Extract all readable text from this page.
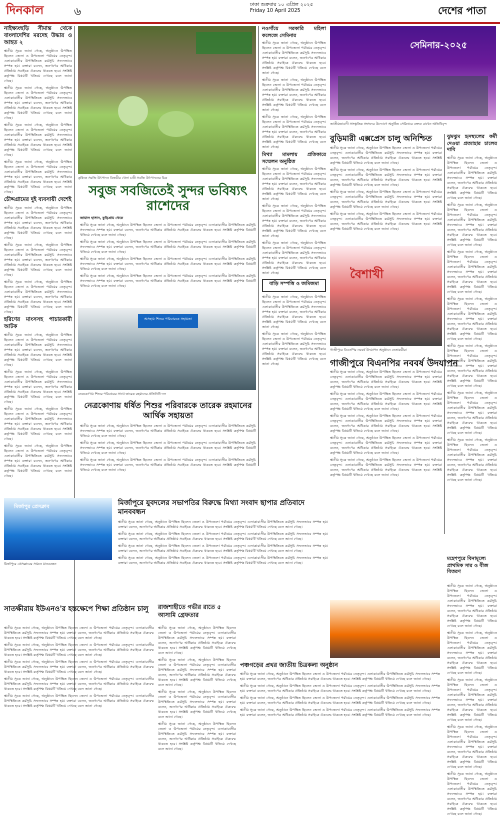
দিনকাল	৬	ঢাকা শুক্রবার ১০ এপ্রিল ২০২৫
Friday 10 April 2025	দেশের পাতা

নাইক্ষ্যংছড়ি সীমান্ত থেকে বাংলাদেশির মরদেহ উদ্ধার ও আহত ২

স্থানীয় সূত্রে জানা গেছে, অনুষ্ঠানে উপস্থিত ছিলেন জেলা ও উপজেলা পর্যায়ের নেতৃবৃন্দ। এলাকাবাসীর উপস্থিতিতে কর্মসূচি সফলভাবে সম্পন্ন হয়। বক্তারা বলেন, জনগণের অধিকার প্রতিষ্ঠায় সবাইকে ঐক্যবদ্ধ থাকতে হবে। সংশ্লিষ্ট কর্তৃপক্ষ বিষয়টি খতিয়ে দেখছে বলে জানা গেছে।

স্থানীয় সূত্রে জানা গেছে, অনুষ্ঠানে উপস্থিত ছিলেন জেলা ও উপজেলা পর্যায়ের নেতৃবৃন্দ। এলাকাবাসীর উপস্থিতিতে কর্মসূচি সফলভাবে সম্পন্ন হয়। বক্তারা বলেন, জনগণের অধিকার প্রতিষ্ঠায় সবাইকে ঐক্যবদ্ধ থাকতে হবে। সংশ্লিষ্ট কর্তৃপক্ষ বিষয়টি খতিয়ে দেখছে বলে জানা গেছে।

স্থানীয় সূত্রে জানা গেছে, অনুষ্ঠানে উপস্থিত ছিলেন জেলা ও উপজেলা পর্যায়ের নেতৃবৃন্দ। এলাকাবাসীর উপস্থিতিতে কর্মসূচি সফলভাবে সম্পন্ন হয়। বক্তারা বলেন, জনগণের অধিকার প্রতিষ্ঠায় সবাইকে ঐক্যবদ্ধ থাকতে হবে। সংশ্লিষ্ট কর্তৃপক্ষ বিষয়টি খতিয়ে দেখছে বলে জানা গেছে।

স্থানীয় সূত্রে জানা গেছে, অনুষ্ঠানে উপস্থিত ছিলেন জেলা ও উপজেলা পর্যায়ের নেতৃবৃন্দ। এলাকাবাসীর উপস্থিতিতে কর্মসূচি সফলভাবে সম্পন্ন হয়। বক্তারা বলেন, জনগণের অধিকার প্রতিষ্ঠায় সবাইকে ঐক্যবদ্ধ থাকতে হবে। সংশ্লিষ্ট কর্তৃপক্ষ বিষয়টি খতিয়ে দেখছে বলে জানা গেছে।

চৌদ্দগ্রামের দুই ব্যবসায়ী দেশেই

স্থানীয় সূত্রে জানা গেছে, অনুষ্ঠানে উপস্থিত ছিলেন জেলা ও উপজেলা পর্যায়ের নেতৃবৃন্দ। এলাকাবাসীর উপস্থিতিতে কর্মসূচি সফলভাবে সম্পন্ন হয়। বক্তারা বলেন, জনগণের অধিকার প্রতিষ্ঠায় সবাইকে ঐক্যবদ্ধ থাকতে হবে। সংশ্লিষ্ট কর্তৃপক্ষ বিষয়টি খতিয়ে দেখছে বলে জানা গেছে।

স্থানীয় সূত্রে জানা গেছে, অনুষ্ঠানে উপস্থিত ছিলেন জেলা ও উপজেলা পর্যায়ের নেতৃবৃন্দ। এলাকাবাসীর উপস্থিতিতে কর্মসূচি সফলভাবে সম্পন্ন হয়। বক্তারা বলেন, জনগণের অধিকার প্রতিষ্ঠায় সবাইকে ঐক্যবদ্ধ থাকতে হবে। সংশ্লিষ্ট কর্তৃপক্ষ বিষয়টি খতিয়ে দেখছে বলে জানা গেছে।

স্থানীয় সূত্রে জানা গেছে, অনুষ্ঠানে উপস্থিত ছিলেন জেলা ও উপজেলা পর্যায়ের নেতৃবৃন্দ। এলাকাবাসীর উপস্থিতিতে কর্মসূচি সফলভাবে সম্পন্ন হয়। বক্তারা বলেন, জনগণের অধিকার প্রতিষ্ঠায় সবাইকে ঐক্যবদ্ধ থাকতে হবে। সংশ্লিষ্ট কর্তৃপক্ষ বিষয়টি খতিয়ে দেখছে বলে জানা গেছে।

হরিণের মাংসসহ পাচারকারী আটক

স্থানীয় সূত্রে জানা গেছে, অনুষ্ঠানে উপস্থিত ছিলেন জেলা ও উপজেলা পর্যায়ের নেতৃবৃন্দ। এলাকাবাসীর উপস্থিতিতে কর্মসূচি সফলভাবে সম্পন্ন হয়। বক্তারা বলেন, জনগণের অধিকার প্রতিষ্ঠায় সবাইকে ঐক্যবদ্ধ থাকতে হবে। সংশ্লিষ্ট কর্তৃপক্ষ বিষয়টি খতিয়ে দেখছে বলে জানা গেছে।

স্থানীয় সূত্রে জানা গেছে, অনুষ্ঠানে উপস্থিত ছিলেন জেলা ও উপজেলা পর্যায়ের নেতৃবৃন্দ। এলাকাবাসীর উপস্থিতিতে কর্মসূচি সফলভাবে সম্পন্ন হয়। বক্তারা বলেন, জনগণের অধিকার প্রতিষ্ঠায় সবাইকে ঐক্যবদ্ধ থাকতে হবে। সংশ্লিষ্ট কর্তৃপক্ষ বিষয়টি খতিয়ে দেখছে বলে জানা গেছে।

স্থানীয় সূত্রে জানা গেছে, অনুষ্ঠানে উপস্থিত ছিলেন জেলা ও উপজেলা পর্যায়ের নেতৃবৃন্দ। এলাকাবাসীর উপস্থিতিতে কর্মসূচি সফলভাবে সম্পন্ন হয়। বক্তারা বলেন, জনগণের অধিকার প্রতিষ্ঠায় সবাইকে ঐক্যবদ্ধ থাকতে হবে। সংশ্লিষ্ট কর্তৃপক্ষ বিষয়টি খতিয়ে দেখছে বলে জানা গেছে।

স্থানীয় সূত্রে জানা গেছে, অনুষ্ঠানে উপস্থিত ছিলেন জেলা ও উপজেলা পর্যায়ের নেতৃবৃন্দ। এলাকাবাসীর উপস্থিতিতে কর্মসূচি সফলভাবে সম্পন্ন হয়। বক্তারা বলেন, জনগণের অধিকার প্রতিষ্ঠায় সবাইকে ঐক্যবদ্ধ থাকতে হবে। সংশ্লিষ্ট কর্তৃপক্ষ বিষয়টি খতিয়ে দেখছে বলে জানা গেছে।

কৃষিতে সবজি উৎপাদন বিজয়ীর খেলা চাষী সবজি উৎপাদনের চিত্র
সবুজ সবজিতেই সুন্দর ভবিষ্যৎ রাশেদের

জামাল হাসান, কুড়িগ্রাম থেকে

স্থানীয় সূত্রে জানা গেছে, অনুষ্ঠানে উপস্থিত ছিলেন জেলা ও উপজেলা পর্যায়ের নেতৃবৃন্দ। এলাকাবাসীর উপস্থিতিতে কর্মসূচি সফলভাবে সম্পন্ন হয়। বক্তারা বলেন, জনগণের অধিকার প্রতিষ্ঠায় সবাইকে ঐক্যবদ্ধ থাকতে হবে। সংশ্লিষ্ট কর্তৃপক্ষ বিষয়টি খতিয়ে দেখছে বলে জানা গেছে।

স্থানীয় সূত্রে জানা গেছে, অনুষ্ঠানে উপস্থিত ছিলেন জেলা ও উপজেলা পর্যায়ের নেতৃবৃন্দ। এলাকাবাসীর উপস্থিতিতে কর্মসূচি সফলভাবে সম্পন্ন হয়। বক্তারা বলেন, জনগণের অধিকার প্রতিষ্ঠায় সবাইকে ঐক্যবদ্ধ থাকতে হবে। সংশ্লিষ্ট কর্তৃপক্ষ বিষয়টি খতিয়ে দেখছে বলে জানা গেছে।

স্থানীয় সূত্রে জানা গেছে, অনুষ্ঠানে উপস্থিত ছিলেন জেলা ও উপজেলা পর্যায়ের নেতৃবৃন্দ। এলাকাবাসীর উপস্থিতিতে কর্মসূচি সফলভাবে সম্পন্ন হয়। বক্তারা বলেন, জনগণের অধিকার প্রতিষ্ঠায় সবাইকে ঐক্যবদ্ধ থাকতে হবে। সংশ্লিষ্ট কর্তৃপক্ষ বিষয়টি খতিয়ে দেখছে বলে জানা গেছে।

স্থানীয় সূত্রে জানা গেছে, অনুষ্ঠানে উপস্থিত ছিলেন জেলা ও উপজেলা পর্যায়ের নেতৃবৃন্দ। এলাকাবাসীর উপস্থিতিতে কর্মসূচি সফলভাবে সম্পন্ন হয়। বক্তারা বলেন, জনগণের অধিকার প্রতিষ্ঠায় সবাইকে ঐক্যবদ্ধ থাকতে হবে। সংশ্লিষ্ট কর্তৃপক্ষ বিষয়টি খতিয়ে দেখছে বলে জানা গেছে।

নওগাঁয়ে সরকারি মহিলা কলেজে সেমিনার

স্থানীয় সূত্রে জানা গেছে, অনুষ্ঠানে উপস্থিত ছিলেন জেলা ও উপজেলা পর্যায়ের নেতৃবৃন্দ। এলাকাবাসীর উপস্থিতিতে কর্মসূচি সফলভাবে সম্পন্ন হয়। বক্তারা বলেন, জনগণের অধিকার প্রতিষ্ঠায় সবাইকে ঐক্যবদ্ধ থাকতে হবে। সংশ্লিষ্ট কর্তৃপক্ষ বিষয়টি খতিয়ে দেখছে বলে জানা গেছে।

স্থানীয় সূত্রে জানা গেছে, অনুষ্ঠানে উপস্থিত ছিলেন জেলা ও উপজেলা পর্যায়ের নেতৃবৃন্দ। এলাকাবাসীর উপস্থিতিতে কর্মসূচি সফলভাবে সম্পন্ন হয়। বক্তারা বলেন, জনগণের অধিকার প্রতিষ্ঠায় সবাইকে ঐক্যবদ্ধ থাকতে হবে। সংশ্লিষ্ট কর্তৃপক্ষ বিষয়টি খতিয়ে দেখছে বলে জানা গেছে।

স্থানীয় সূত্রে জানা গেছে, অনুষ্ঠানে উপস্থিত ছিলেন জেলা ও উপজেলা পর্যায়ের নেতৃবৃন্দ। এলাকাবাসীর উপস্থিতিতে কর্মসূচি সফলভাবে সম্পন্ন হয়। বক্তারা বলেন, জনগণের অধিকার প্রতিষ্ঠায় সবাইকে ঐক্যবদ্ধ থাকতে হবে। সংশ্লিষ্ট কর্তৃপক্ষ বিষয়টি খতিয়ে দেখছে বলে জানা গেছে।

মিথ্যা মামলায় প্রতিকারে সম্মেলন অনুষ্ঠিত

স্থানীয় সূত্রে জানা গেছে, অনুষ্ঠানে উপস্থিত ছিলেন জেলা ও উপজেলা পর্যায়ের নেতৃবৃন্দ। এলাকাবাসীর উপস্থিতিতে কর্মসূচি সফলভাবে সম্পন্ন হয়। বক্তারা বলেন, জনগণের অধিকার প্রতিষ্ঠায় সবাইকে ঐক্যবদ্ধ থাকতে হবে। সংশ্লিষ্ট কর্তৃপক্ষ বিষয়টি খতিয়ে দেখছে বলে জানা গেছে।

স্থানীয় সূত্রে জানা গেছে, অনুষ্ঠানে উপস্থিত ছিলেন জেলা ও উপজেলা পর্যায়ের নেতৃবৃন্দ। এলাকাবাসীর উপস্থিতিতে কর্মসূচি সফলভাবে সম্পন্ন হয়। বক্তারা বলেন, জনগণের অধিকার প্রতিষ্ঠায় সবাইকে ঐক্যবদ্ধ থাকতে হবে। সংশ্লিষ্ট কর্তৃপক্ষ বিষয়টি খতিয়ে দেখছে বলে জানা গেছে।

স্থানীয় সূত্রে জানা গেছে, অনুষ্ঠানে উপস্থিত ছিলেন জেলা ও উপজেলা পর্যায়ের নেতৃবৃন্দ। এলাকাবাসীর উপস্থিতিতে কর্মসূচি সফলভাবে সম্পন্ন হয়। বক্তারা বলেন, জনগণের অধিকার প্রতিষ্ঠায় সবাইকে ঐক্যবদ্ধ থাকতে হবে। সংশ্লিষ্ট কর্তৃপক্ষ বিষয়টি খতিয়ে দেখছে বলে জানা গেছে।

বাড়ি সম্পত্তি ও জমিজমা

স্থানীয় সূত্রে জানা গেছে, অনুষ্ঠানে উপস্থিত ছিলেন জেলা ও উপজেলা পর্যায়ের নেতৃবৃন্দ। এলাকাবাসীর উপস্থিতিতে কর্মসূচি সফলভাবে সম্পন্ন হয়। বক্তারা বলেন, জনগণের অধিকার প্রতিষ্ঠায় সবাইকে ঐক্যবদ্ধ থাকতে হবে। সংশ্লিষ্ট কর্তৃপক্ষ বিষয়টি খতিয়ে দেখছে বলে জানা গেছে।

স্থানীয় সূত্রে জানা গেছে, অনুষ্ঠানে উপস্থিত ছিলেন জেলা ও উপজেলা পর্যায়ের নেতৃবৃন্দ। এলাকাবাসীর উপস্থিতিতে কর্মসূচি সফলভাবে সম্পন্ন হয়। বক্তারা বলেন, জনগণের অধিকার প্রতিষ্ঠায় সবাইকে ঐক্যবদ্ধ থাকতে হবে। সংশ্লিষ্ট কর্তৃপক্ষ বিষয়টি খতিয়ে দেখছে বলে জানা গেছে।

সেমিনার-২০২৫
জাতীয়তাবাদী সাংস্কৃতিক সংসদের উদ্যোগে অনুষ্ঠিত সেমিনারে বক্তব্য রাখেন অতিথিবৃন্দ
বুড়িমারী এক্সপ্রেস চালু অনিশ্চিত

স্থানীয় সূত্রে জানা গেছে, অনুষ্ঠানে উপস্থিত ছিলেন জেলা ও উপজেলা পর্যায়ের নেতৃবৃন্দ। এলাকাবাসীর উপস্থিতিতে কর্মসূচি সফলভাবে সম্পন্ন হয়। বক্তারা বলেন, জনগণের অধিকার প্রতিষ্ঠায় সবাইকে ঐক্যবদ্ধ থাকতে হবে। সংশ্লিষ্ট কর্তৃপক্ষ বিষয়টি খতিয়ে দেখছে বলে জানা গেছে।

স্থানীয় সূত্রে জানা গেছে, অনুষ্ঠানে উপস্থিত ছিলেন জেলা ও উপজেলা পর্যায়ের নেতৃবৃন্দ। এলাকাবাসীর উপস্থিতিতে কর্মসূচি সফলভাবে সম্পন্ন হয়। বক্তারা বলেন, জনগণের অধিকার প্রতিষ্ঠায় সবাইকে ঐক্যবদ্ধ থাকতে হবে। সংশ্লিষ্ট কর্তৃপক্ষ বিষয়টি খতিয়ে দেখছে বলে জানা গেছে।

স্থানীয় সূত্রে জানা গেছে, অনুষ্ঠানে উপস্থিত ছিলেন জেলা ও উপজেলা পর্যায়ের নেতৃবৃন্দ। এলাকাবাসীর উপস্থিতিতে কর্মসূচি সফলভাবে সম্পন্ন হয়। বক্তারা বলেন, জনগণের অধিকার প্রতিষ্ঠায় সবাইকে ঐক্যবদ্ধ থাকতে হবে। সংশ্লিষ্ট কর্তৃপক্ষ বিষয়টি খতিয়ে দেখছে বলে জানা গেছে।

স্থানীয় সূত্রে জানা গেছে, অনুষ্ঠানে উপস্থিত ছিলেন জেলা ও উপজেলা পর্যায়ের নেতৃবৃন্দ। এলাকাবাসীর উপস্থিতিতে কর্মসূচি সফলভাবে সম্পন্ন হয়। বক্তারা বলেন, জনগণের অধিকার প্রতিষ্ঠায় সবাইকে ঐক্যবদ্ধ থাকতে হবে। সংশ্লিষ্ট কর্তৃপক্ষ বিষয়টি খতিয়ে দেখছে বলে জানা গেছে।

ঝুমঝুম হৃদস্থ্যলের কর্মী দেওয়া প্রত্যাহার চালের দাবি

স্থানীয় সূত্রে জানা গেছে, অনুষ্ঠানে উপস্থিত ছিলেন জেলা ও উপজেলা পর্যায়ের নেতৃবৃন্দ। এলাকাবাসীর উপস্থিতিতে কর্মসূচি সফলভাবে সম্পন্ন হয়। বক্তারা বলেন, জনগণের অধিকার প্রতিষ্ঠায় সবাইকে ঐক্যবদ্ধ থাকতে হবে। সংশ্লিষ্ট কর্তৃপক্ষ বিষয়টি খতিয়ে দেখছে বলে জানা গেছে।

স্থানীয় সূত্রে জানা গেছে, অনুষ্ঠানে উপস্থিত ছিলেন জেলা ও উপজেলা পর্যায়ের নেতৃবৃন্দ। এলাকাবাসীর উপস্থিতিতে কর্মসূচি সফলভাবে সম্পন্ন হয়। বক্তারা বলেন, জনগণের অধিকার প্রতিষ্ঠায় সবাইকে ঐক্যবদ্ধ থাকতে হবে। সংশ্লিষ্ট কর্তৃপক্ষ বিষয়টি খতিয়ে দেখছে বলে জানা গেছে।

স্থানীয় সূত্রে জানা গেছে, অনুষ্ঠানে উপস্থিত ছিলেন জেলা ও উপজেলা পর্যায়ের নেতৃবৃন্দ। এলাকাবাসীর উপস্থিতিতে কর্মসূচি সফলভাবে সম্পন্ন হয়। বক্তারা বলেন, জনগণের অধিকার প্রতিষ্ঠায় সবাইকে ঐক্যবদ্ধ থাকতে হবে। সংশ্লিষ্ট কর্তৃপক্ষ বিষয়টি খতিয়ে দেখছে বলে জানা গেছে।

স্থানীয় সূত্রে জানা গেছে, অনুষ্ঠানে উপস্থিত ছিলেন জেলা ও উপজেলা পর্যায়ের নেতৃবৃন্দ। এলাকাবাসীর উপস্থিতিতে কর্মসূচি সফলভাবে সম্পন্ন হয়। বক্তারা বলেন, জনগণের অধিকার প্রতিষ্ঠায় সবাইকে ঐক্যবদ্ধ থাকতে হবে। সংশ্লিষ্ট কর্তৃপক্ষ বিষয়টি খতিয়ে দেখছে বলে জানা গেছে।

স্থানীয় সূত্রে জানা গেছে, অনুষ্ঠানে উপস্থিত ছিলেন জেলা ও উপজেলা পর্যায়ের নেতৃবৃন্দ। এলাকাবাসীর উপস্থিতিতে কর্মসূচি সফলভাবে সম্পন্ন হয়। বক্তারা বলেন, জনগণের অধিকার প্রতিষ্ঠায় সবাইকে ঐক্যবদ্ধ থাকতে হবে। সংশ্লিষ্ট কর্তৃপক্ষ বিষয়টি খতিয়ে দেখছে বলে জানা গেছে।

স্থানীয় সূত্রে জানা গেছে, অনুষ্ঠানে উপস্থিত ছিলেন জেলা ও উপজেলা পর্যায়ের নেতৃবৃন্দ। এলাকাবাসীর উপস্থিতিতে কর্মসূচি সফলভাবে সম্পন্ন হয়। বক্তারা বলেন, জনগণের অধিকার প্রতিষ্ঠায় সবাইকে ঐক্যবদ্ধ থাকতে হবে। সংশ্লিষ্ট কর্তৃপক্ষ বিষয়টি খতিয়ে দেখছে বলে জানা গেছে।

স্থানীয় সূত্রে জানা গেছে, অনুষ্ঠানে উপস্থিত ছিলেন জেলা ও উপজেলা পর্যায়ের নেতৃবৃন্দ। এলাকাবাসীর উপস্থিতিতে কর্মসূচি সফলভাবে সম্পন্ন হয়। বক্তারা বলেন, জনগণের অধিকার প্রতিষ্ঠায় সবাইকে ঐক্যবদ্ধ থাকতে হবে। সংশ্লিষ্ট কর্তৃপক্ষ বিষয়টি খতিয়ে দেখছে বলে জানা গেছে।

অসহায় শিশুর পরিবারকে সহায়তা
নেত্রকোণায় শিশুর পরিবারের সাথে তারেক রহমানের প্রতিনিধি দল
নেত্রকোণায় ধর্ষিত শিশুর পরিবারকে তারেক রহমানের আর্থিক সহায়তা

স্থানীয় সূত্রে জানা গেছে, অনুষ্ঠানে উপস্থিত ছিলেন জেলা ও উপজেলা পর্যায়ের নেতৃবৃন্দ। এলাকাবাসীর উপস্থিতিতে কর্মসূচি সফলভাবে সম্পন্ন হয়। বক্তারা বলেন, জনগণের অধিকার প্রতিষ্ঠায় সবাইকে ঐক্যবদ্ধ থাকতে হবে। সংশ্লিষ্ট কর্তৃপক্ষ বিষয়টি খতিয়ে দেখছে বলে জানা গেছে।

স্থানীয় সূত্রে জানা গেছে, অনুষ্ঠানে উপস্থিত ছিলেন জেলা ও উপজেলা পর্যায়ের নেতৃবৃন্দ। এলাকাবাসীর উপস্থিতিতে কর্মসূচি সফলভাবে সম্পন্ন হয়। বক্তারা বলেন, জনগণের অধিকার প্রতিষ্ঠায় সবাইকে ঐক্যবদ্ধ থাকতে হবে। সংশ্লিষ্ট কর্তৃপক্ষ বিষয়টি খতিয়ে দেখছে বলে জানা গেছে।

স্থানীয় সূত্রে জানা গেছে, অনুষ্ঠানে উপস্থিত ছিলেন জেলা ও উপজেলা পর্যায়ের নেতৃবৃন্দ। এলাকাবাসীর উপস্থিতিতে কর্মসূচি সফলভাবে সম্পন্ন হয়। বক্তারা বলেন, জনগণের অধিকার প্রতিষ্ঠায় সবাইকে ঐক্যবদ্ধ থাকতে হবে। সংশ্লিষ্ট কর্তৃপক্ষ বিষয়টি খতিয়ে দেখছে বলে জানা গেছে।

বৈশাখী
গাজীপুরে বিএনপির নববর্ষ উদযাপন অনুষ্ঠানে নেতাকর্মীরা
গাজীপুরে বিএনপির নববর্ষ উদযাপন

স্থানীয় সূত্রে জানা গেছে, অনুষ্ঠানে উপস্থিত ছিলেন জেলা ও উপজেলা পর্যায়ের নেতৃবৃন্দ। এলাকাবাসীর উপস্থিতিতে কর্মসূচি সফলভাবে সম্পন্ন হয়। বক্তারা বলেন, জনগণের অধিকার প্রতিষ্ঠায় সবাইকে ঐক্যবদ্ধ থাকতে হবে। সংশ্লিষ্ট কর্তৃপক্ষ বিষয়টি খতিয়ে দেখছে বলে জানা গেছে।

স্থানীয় সূত্রে জানা গেছে, অনুষ্ঠানে উপস্থিত ছিলেন জেলা ও উপজেলা পর্যায়ের নেতৃবৃন্দ। এলাকাবাসীর উপস্থিতিতে কর্মসূচি সফলভাবে সম্পন্ন হয়। বক্তারা বলেন, জনগণের অধিকার প্রতিষ্ঠায় সবাইকে ঐক্যবদ্ধ থাকতে হবে। সংশ্লিষ্ট কর্তৃপক্ষ বিষয়টি খতিয়ে দেখছে বলে জানা গেছে।

স্থানীয় সূত্রে জানা গেছে, অনুষ্ঠানে উপস্থিত ছিলেন জেলা ও উপজেলা পর্যায়ের নেতৃবৃন্দ। এলাকাবাসীর উপস্থিতিতে কর্মসূচি সফলভাবে সম্পন্ন হয়। বক্তারা বলেন, জনগণের অধিকার প্রতিষ্ঠায় সবাইকে ঐক্যবদ্ধ থাকতে হবে। সংশ্লিষ্ট কর্তৃপক্ষ বিষয়টি খতিয়ে দেখছে বলে জানা গেছে।

স্থানীয় সূত্রে জানা গেছে, অনুষ্ঠানে উপস্থিত ছিলেন জেলা ও উপজেলা পর্যায়ের নেতৃবৃন্দ। এলাকাবাসীর উপস্থিতিতে কর্মসূচি সফলভাবে সম্পন্ন হয়। বক্তারা বলেন, জনগণের অধিকার প্রতিষ্ঠায় সবাইকে ঐক্যবদ্ধ থাকতে হবে। সংশ্লিষ্ট কর্তৃপক্ষ বিষয়টি খতিয়ে দেখছে বলে জানা গেছে।

স্থানীয় সূত্রে জানা গেছে, অনুষ্ঠানে উপস্থিত ছিলেন জেলা ও উপজেলা পর্যায়ের নেতৃবৃন্দ। এলাকাবাসীর উপস্থিতিতে কর্মসূচি সফলভাবে সম্পন্ন হয়। বক্তারা বলেন, জনগণের অধিকার প্রতিষ্ঠায় সবাইকে ঐক্যবদ্ধ থাকতে হবে। সংশ্লিষ্ট কর্তৃপক্ষ বিষয়টি খতিয়ে দেখছে বলে জানা গেছে।

মির্জাপুর প্রেসক্লাব
মির্জাপুরে প্রেসক্লাবের সামনে মানববন্ধন
মির্জাপুরে যুবদলের সভাপতির বিরুদ্ধে মিথ্যা সংবাদ ছাপার প্রতিবাদে মানববন্ধন

স্থানীয় সূত্রে জানা গেছে, অনুষ্ঠানে উপস্থিত ছিলেন জেলা ও উপজেলা পর্যায়ের নেতৃবৃন্দ। এলাকাবাসীর উপস্থিতিতে কর্মসূচি সফলভাবে সম্পন্ন হয়। বক্তারা বলেন, জনগণের অধিকার প্রতিষ্ঠায় সবাইকে ঐক্যবদ্ধ থাকতে হবে। সংশ্লিষ্ট কর্তৃপক্ষ বিষয়টি খতিয়ে দেখছে বলে জানা গেছে।

স্থানীয় সূত্রে জানা গেছে, অনুষ্ঠানে উপস্থিত ছিলেন জেলা ও উপজেলা পর্যায়ের নেতৃবৃন্দ। এলাকাবাসীর উপস্থিতিতে কর্মসূচি সফলভাবে সম্পন্ন হয়। বক্তারা বলেন, জনগণের অধিকার প্রতিষ্ঠায় সবাইকে ঐক্যবদ্ধ থাকতে হবে। সংশ্লিষ্ট কর্তৃপক্ষ বিষয়টি খতিয়ে দেখছে বলে জানা গেছে।

স্থানীয় সূত্রে জানা গেছে, অনুষ্ঠানে উপস্থিত ছিলেন জেলা ও উপজেলা পর্যায়ের নেতৃবৃন্দ। এলাকাবাসীর উপস্থিতিতে কর্মসূচি সফলভাবে সম্পন্ন হয়। বক্তারা বলেন, জনগণের অধিকার প্রতিষ্ঠায় সবাইকে ঐক্যবদ্ধ থাকতে হবে। সংশ্লিষ্ট কর্তৃপক্ষ বিষয়টি খতিয়ে দেখছে বলে জানা গেছে।

স্থানীয় সূত্রে জানা গেছে, অনুষ্ঠানে উপস্থিত ছিলেন জেলা ও উপজেলা পর্যায়ের নেতৃবৃন্দ। এলাকাবাসীর উপস্থিতিতে কর্মসূচি সফলভাবে সম্পন্ন হয়। বক্তারা বলেন, জনগণের অধিকার প্রতিষ্ঠায় সবাইকে ঐক্যবদ্ধ থাকতে হবে। সংশ্লিষ্ট কর্তৃপক্ষ বিষয়টি খতিয়ে দেখছে বলে জানা গেছে।

সাতক্ষীরায় ইউএনও'র হস্তক্ষেপে শিক্ষা প্রতিষ্ঠান চালু

স্থানীয় সূত্রে জানা গেছে, অনুষ্ঠানে উপস্থিত ছিলেন জেলা ও উপজেলা পর্যায়ের নেতৃবৃন্দ। এলাকাবাসীর উপস্থিতিতে কর্মসূচি সফলভাবে সম্পন্ন হয়। বক্তারা বলেন, জনগণের অধিকার প্রতিষ্ঠায় সবাইকে ঐক্যবদ্ধ থাকতে হবে। সংশ্লিষ্ট কর্তৃপক্ষ বিষয়টি খতিয়ে দেখছে বলে জানা গেছে।

স্থানীয় সূত্রে জানা গেছে, অনুষ্ঠানে উপস্থিত ছিলেন জেলা ও উপজেলা পর্যায়ের নেতৃবৃন্দ। এলাকাবাসীর উপস্থিতিতে কর্মসূচি সফলভাবে সম্পন্ন হয়। বক্তারা বলেন, জনগণের অধিকার প্রতিষ্ঠায় সবাইকে ঐক্যবদ্ধ থাকতে হবে। সংশ্লিষ্ট কর্তৃপক্ষ বিষয়টি খতিয়ে দেখছে বলে জানা গেছে।

স্থানীয় সূত্রে জানা গেছে, অনুষ্ঠানে উপস্থিত ছিলেন জেলা ও উপজেলা পর্যায়ের নেতৃবৃন্দ। এলাকাবাসীর উপস্থিতিতে কর্মসূচি সফলভাবে সম্পন্ন হয়। বক্তারা বলেন, জনগণের অধিকার প্রতিষ্ঠায় সবাইকে ঐক্যবদ্ধ থাকতে হবে। সংশ্লিষ্ট কর্তৃপক্ষ বিষয়টি খতিয়ে দেখছে বলে জানা গেছে।

স্থানীয় সূত্রে জানা গেছে, অনুষ্ঠানে উপস্থিত ছিলেন জেলা ও উপজেলা পর্যায়ের নেতৃবৃন্দ। এলাকাবাসীর উপস্থিতিতে কর্মসূচি সফলভাবে সম্পন্ন হয়। বক্তারা বলেন, জনগণের অধিকার প্রতিষ্ঠায় সবাইকে ঐক্যবদ্ধ থাকতে হবে। সংশ্লিষ্ট কর্তৃপক্ষ বিষয়টি খতিয়ে দেখছে বলে জানা গেছে।

স্থানীয় সূত্রে জানা গেছে, অনুষ্ঠানে উপস্থিত ছিলেন জেলা ও উপজেলা পর্যায়ের নেতৃবৃন্দ। এলাকাবাসীর উপস্থিতিতে কর্মসূচি সফলভাবে সম্পন্ন হয়। বক্তারা বলেন, জনগণের অধিকার প্রতিষ্ঠায় সবাইকে ঐক্যবদ্ধ থাকতে হবে। সংশ্লিষ্ট কর্তৃপক্ষ বিষয়টি খতিয়ে দেখছে বলে জানা গেছে।

রাজশাহীতে গভীর রাতে ৫ আসামি গ্রেফতার

স্থানীয় সূত্রে জানা গেছে, অনুষ্ঠানে উপস্থিত ছিলেন জেলা ও উপজেলা পর্যায়ের নেতৃবৃন্দ। এলাকাবাসীর উপস্থিতিতে কর্মসূচি সফলভাবে সম্পন্ন হয়। বক্তারা বলেন, জনগণের অধিকার প্রতিষ্ঠায় সবাইকে ঐক্যবদ্ধ থাকতে হবে। সংশ্লিষ্ট কর্তৃপক্ষ বিষয়টি খতিয়ে দেখছে বলে জানা গেছে।

স্থানীয় সূত্রে জানা গেছে, অনুষ্ঠানে উপস্থিত ছিলেন জেলা ও উপজেলা পর্যায়ের নেতৃবৃন্দ। এলাকাবাসীর উপস্থিতিতে কর্মসূচি সফলভাবে সম্পন্ন হয়। বক্তারা বলেন, জনগণের অধিকার প্রতিষ্ঠায় সবাইকে ঐক্যবদ্ধ থাকতে হবে। সংশ্লিষ্ট কর্তৃপক্ষ বিষয়টি খতিয়ে দেখছে বলে জানা গেছে।

স্থানীয় সূত্রে জানা গেছে, অনুষ্ঠানে উপস্থিত ছিলেন জেলা ও উপজেলা পর্যায়ের নেতৃবৃন্দ। এলাকাবাসীর উপস্থিতিতে কর্মসূচি সফলভাবে সম্পন্ন হয়। বক্তারা বলেন, জনগণের অধিকার প্রতিষ্ঠায় সবাইকে ঐক্যবদ্ধ থাকতে হবে। সংশ্লিষ্ট কর্তৃপক্ষ বিষয়টি খতিয়ে দেখছে বলে জানা গেছে।

স্থানীয় সূত্রে জানা গেছে, অনুষ্ঠানে উপস্থিত ছিলেন জেলা ও উপজেলা পর্যায়ের নেতৃবৃন্দ। এলাকাবাসীর উপস্থিতিতে কর্মসূচি সফলভাবে সম্পন্ন হয়। বক্তারা বলেন, জনগণের অধিকার প্রতিষ্ঠায় সবাইকে ঐক্যবদ্ধ থাকতে হবে। সংশ্লিষ্ট কর্তৃপক্ষ বিষয়টি খতিয়ে দেখছে বলে জানা গেছে।

পঞ্চগড়ের প্রখর জাতীয় চিত্রকলা অনুষ্ঠান

স্থানীয় সূত্রে জানা গেছে, অনুষ্ঠানে উপস্থিত ছিলেন জেলা ও উপজেলা পর্যায়ের নেতৃবৃন্দ। এলাকাবাসীর উপস্থিতিতে কর্মসূচি সফলভাবে সম্পন্ন হয়। বক্তারা বলেন, জনগণের অধিকার প্রতিষ্ঠায় সবাইকে ঐক্যবদ্ধ থাকতে হবে। সংশ্লিষ্ট কর্তৃপক্ষ বিষয়টি খতিয়ে দেখছে বলে জানা গেছে।

স্থানীয় সূত্রে জানা গেছে, অনুষ্ঠানে উপস্থিত ছিলেন জেলা ও উপজেলা পর্যায়ের নেতৃবৃন্দ। এলাকাবাসীর উপস্থিতিতে কর্মসূচি সফলভাবে সম্পন্ন হয়। বক্তারা বলেন, জনগণের অধিকার প্রতিষ্ঠায় সবাইকে ঐক্যবদ্ধ থাকতে হবে। সংশ্লিষ্ট কর্তৃপক্ষ বিষয়টি খতিয়ে দেখছে বলে জানা গেছে।

স্থানীয় সূত্রে জানা গেছে, অনুষ্ঠানে উপস্থিত ছিলেন জেলা ও উপজেলা পর্যায়ের নেতৃবৃন্দ। এলাকাবাসীর উপস্থিতিতে কর্মসূচি সফলভাবে সম্পন্ন হয়। বক্তারা বলেন, জনগণের অধিকার প্রতিষ্ঠায় সবাইকে ঐক্যবদ্ধ থাকতে হবে। সংশ্লিষ্ট কর্তৃপক্ষ বিষয়টি খতিয়ে দেখছে বলে জানা গেছে।

স্থানীয় সূত্রে জানা গেছে, অনুষ্ঠানে উপস্থিত ছিলেন জেলা ও উপজেলা পর্যায়ের নেতৃবৃন্দ। এলাকাবাসীর উপস্থিতিতে কর্মসূচি সফলভাবে সম্পন্ন হয়। বক্তারা বলেন, জনগণের অধিকার প্রতিষ্ঠায় সবাইকে ঐক্যবদ্ধ থাকতে হবে। সংশ্লিষ্ট কর্তৃপক্ষ বিষয়টি খতিয়ে দেখছে বলে জানা গেছে।

মহেশপুরে বিনামূল্যে প্রাথমিক সার ও বীজ বিতরণ

স্থানীয় সূত্রে জানা গেছে, অনুষ্ঠানে উপস্থিত ছিলেন জেলা ও উপজেলা পর্যায়ের নেতৃবৃন্দ। এলাকাবাসীর উপস্থিতিতে কর্মসূচি সফলভাবে সম্পন্ন হয়। বক্তারা বলেন, জনগণের অধিকার প্রতিষ্ঠায় সবাইকে ঐক্যবদ্ধ থাকতে হবে। সংশ্লিষ্ট কর্তৃপক্ষ বিষয়টি খতিয়ে দেখছে বলে জানা গেছে।

স্থানীয় সূত্রে জানা গেছে, অনুষ্ঠানে উপস্থিত ছিলেন জেলা ও উপজেলা পর্যায়ের নেতৃবৃন্দ। এলাকাবাসীর উপস্থিতিতে কর্মসূচি সফলভাবে সম্পন্ন হয়। বক্তারা বলেন, জনগণের অধিকার প্রতিষ্ঠায় সবাইকে ঐক্যবদ্ধ থাকতে হবে। সংশ্লিষ্ট কর্তৃপক্ষ বিষয়টি খতিয়ে দেখছে বলে জানা গেছে।

স্থানীয় সূত্রে জানা গেছে, অনুষ্ঠানে উপস্থিত ছিলেন জেলা ও উপজেলা পর্যায়ের নেতৃবৃন্দ। এলাকাবাসীর উপস্থিতিতে কর্মসূচি সফলভাবে সম্পন্ন হয়। বক্তারা বলেন, জনগণের অধিকার প্রতিষ্ঠায় সবাইকে ঐক্যবদ্ধ থাকতে হবে। সংশ্লিষ্ট কর্তৃপক্ষ বিষয়টি খতিয়ে দেখছে বলে জানা গেছে।

স্থানীয় সূত্রে জানা গেছে, অনুষ্ঠানে উপস্থিত ছিলেন জেলা ও উপজেলা পর্যায়ের নেতৃবৃন্দ। এলাকাবাসীর উপস্থিতিতে কর্মসূচি সফলভাবে সম্পন্ন হয়। বক্তারা বলেন, জনগণের অধিকার প্রতিষ্ঠায় সবাইকে ঐক্যবদ্ধ থাকতে হবে। সংশ্লিষ্ট কর্তৃপক্ষ বিষয়টি খতিয়ে দেখছে বলে জানা গেছে।

স্থানীয় সূত্রে জানা গেছে, অনুষ্ঠানে উপস্থিত ছিলেন জেলা ও উপজেলা পর্যায়ের নেতৃবৃন্দ। এলাকাবাসীর উপস্থিতিতে কর্মসূচি সফলভাবে সম্পন্ন হয়। বক্তারা বলেন, জনগণের অধিকার প্রতিষ্ঠায় সবাইকে ঐক্যবদ্ধ থাকতে হবে। সংশ্লিষ্ট কর্তৃপক্ষ বিষয়টি খতিয়ে দেখছে বলে জানা গেছে।
